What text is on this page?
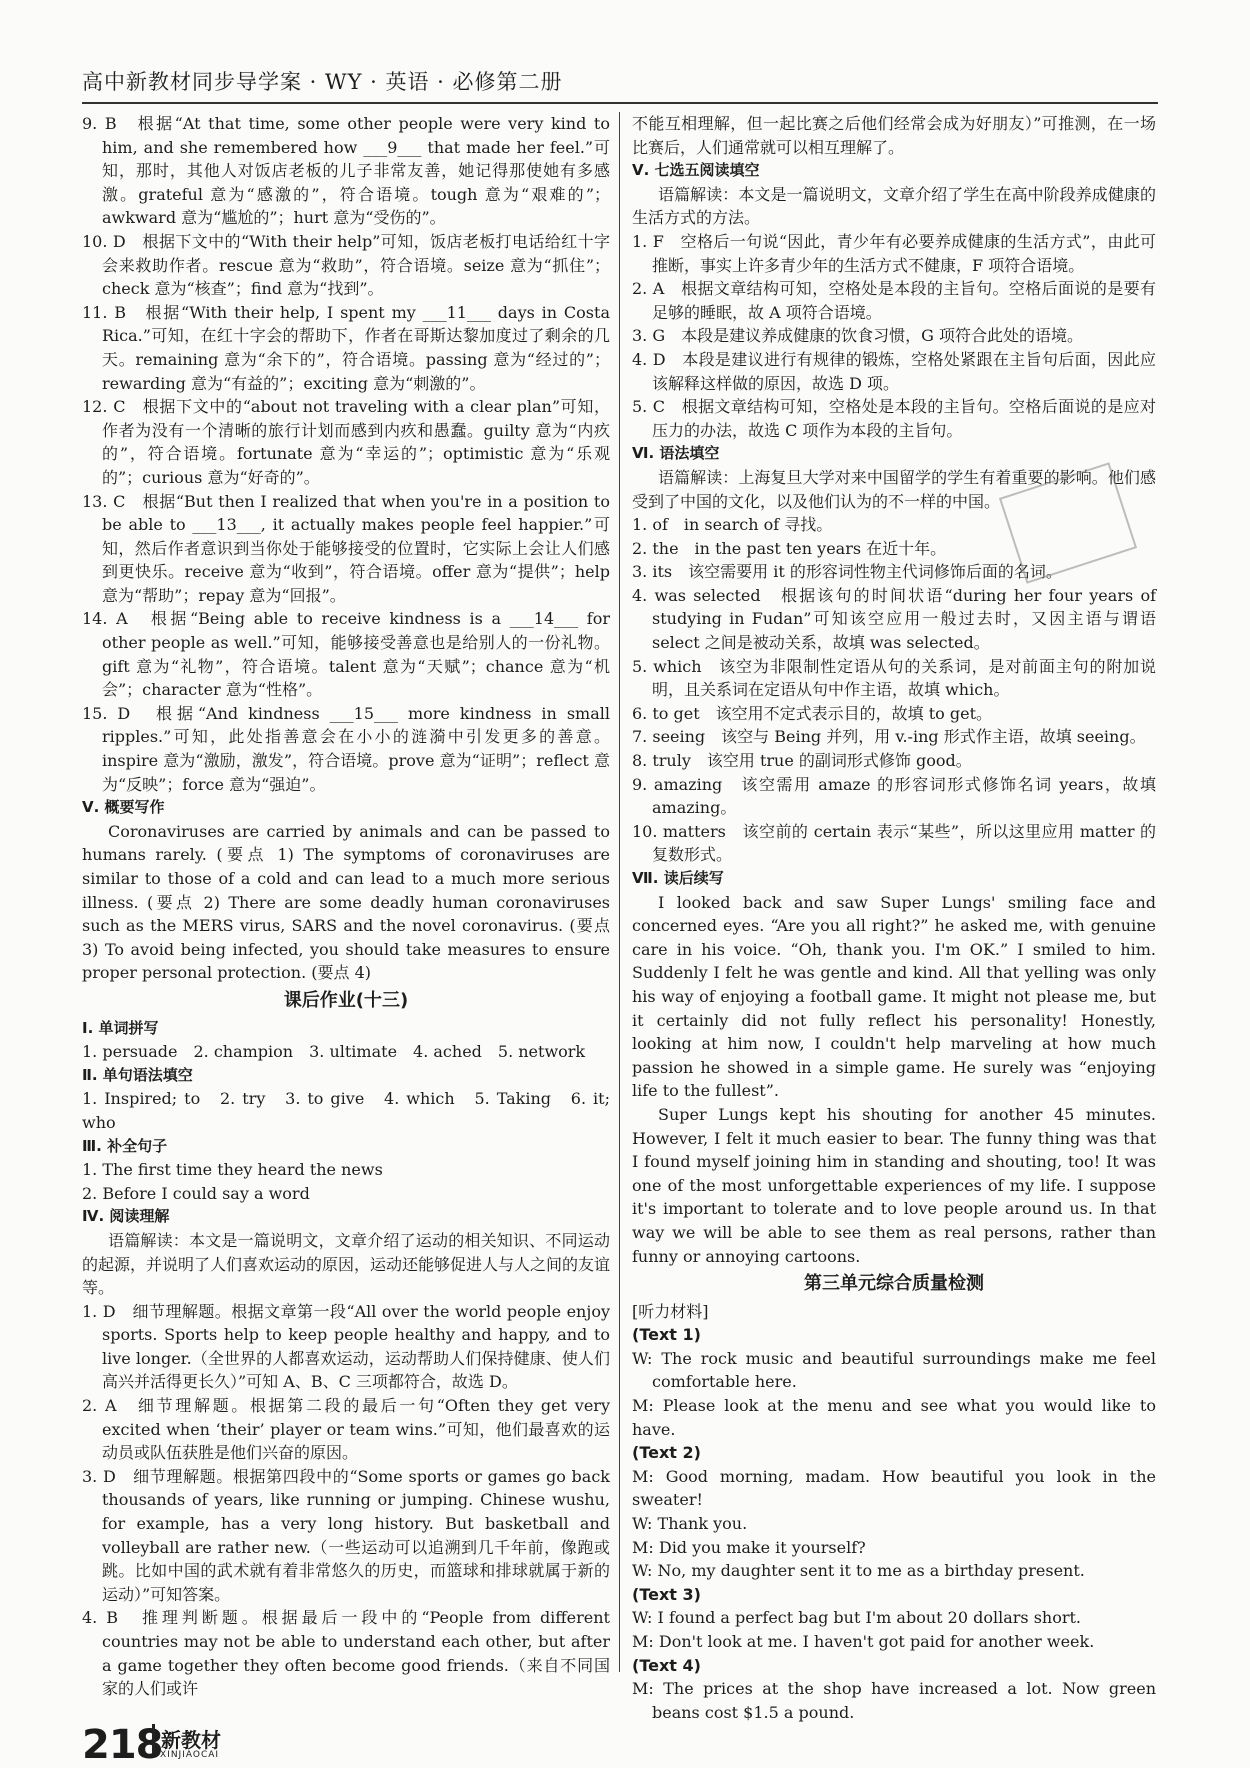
高中新教材同步导学案 · WY · 英语 · 必修第二册
9. B　根据“At that time, some other people were very kind to him, and she remembered how ___9___ that made her feel.”可知，那时，其他人对饭店老板的儿子非常友善，她记得那使她有多感激。grateful 意为“感激的”，符合语境。tough 意为“艰难的”；awkward 意为“尴尬的”；hurt 意为“受伤的”。
10. D　根据下文中的“With their help”可知，饭店老板打电话给红十字会来救助作者。rescue 意为“救助”，符合语境。seize 意为“抓住”；check 意为“核查”；find 意为“找到”。
11. B　根据“With their help, I spent my ___11___ days in Costa Rica.”可知，在红十字会的帮助下，作者在哥斯达黎加度过了剩余的几天。remaining 意为“余下的”，符合语境。passing 意为“经过的”；rewarding 意为“有益的”；exciting 意为“刺激的”。
12. C　根据下文中的“about not traveling with a clear plan”可知，作者为没有一个清晰的旅行计划而感到内疚和愚蠢。guilty 意为“内疚的”，符合语境。fortunate 意为“幸运的”；optimistic 意为“乐观的”；curious 意为“好奇的”。
13. C　根据“But then I realized that when you're in a position to be able to ___13___, it actually makes people feel happier.”可知，然后作者意识到当你处于能够接受的位置时，它实际上会让人们感到更快乐。receive 意为“收到”，符合语境。offer 意为“提供”；help 意为“帮助”；repay 意为“回报”。
14. A　根据“Being able to receive kindness is a ___14___ for other people as well.”可知，能够接受善意也是给别人的一份礼物。gift 意为“礼物”，符合语境。talent 意为“天赋”；chance 意为“机会”；character 意为“性格”。
15. D　根据“And kindness ___15___ more kindness in small ripples.”可知，此处指善意会在小小的涟漪中引发更多的善意。inspire 意为“激励，激发”，符合语境。prove 意为“证明”；reflect 意为“反映”；force 意为“强迫”。
Ⅴ. 概要写作
Coronaviruses are carried by animals and can be passed to humans rarely. (要点 1) The symptoms of coronaviruses are similar to those of a cold and can lead to a much more serious illness. (要点 2) There are some deadly human coronaviruses such as the MERS virus, SARS and the novel coronavirus. (要点 3) To avoid being infected, you should take measures to ensure proper personal protection. (要点 4)
课后作业(十三)
Ⅰ. 单词拼写
1. persuade　2. champion　3. ultimate　4. ached　5. network
Ⅱ. 单句语法填空
1. Inspired; to　2. try　3. to give　4. which　5. Taking　6. it; who
Ⅲ. 补全句子
1. The first time they heard the news
2. Before I could say a word
Ⅳ. 阅读理解
语篇解读：本文是一篇说明文，文章介绍了运动的相关知识、不同运动的起源，并说明了人们喜欢运动的原因，运动还能够促进人与人之间的友谊等。
1. D　细节理解题。根据文章第一段“All over the world people enjoy sports. Sports help to keep people healthy and happy, and to live longer.（全世界的人都喜欢运动，运动帮助人们保持健康、使人们高兴并活得更长久）”可知 A、B、C 三项都符合，故选 D。
2. A　细节理解题。根据第二段的最后一句“Often they get very excited when ‘their’ player or team wins.”可知，他们最喜欢的运动员或队伍获胜是他们兴奋的原因。
3. D　细节理解题。根据第四段中的“Some sports or games go back thousands of years, like running or jumping. Chinese wushu, for example, has a very long history. But basketball and volleyball are rather new.（一些运动可以追溯到几千年前，像跑或跳。比如中国的武术就有着非常悠久的历史，而篮球和排球就属于新的运动）”可知答案。
4. B　推理判断题。根据最后一段中的“People from different countries may not be able to understand each other, but after a game together they often become good friends.（来自不同国家的人们或许
不能互相理解，但一起比赛之后他们经常会成为好朋友）”可推测，在一场比赛后，人们通常就可以相互理解了。
Ⅴ. 七选五阅读填空
语篇解读：本文是一篇说明文，文章介绍了学生在高中阶段养成健康的生活方式的方法。
1. F　空格后一句说“因此，青少年有必要养成健康的生活方式”，由此可推断，事实上许多青少年的生活方式不健康，F 项符合语境。
2. A　根据文章结构可知，空格处是本段的主旨句。空格后面说的是要有足够的睡眠，故 A 项符合语境。
3. G　本段是建议养成健康的饮食习惯，G 项符合此处的语境。
4. D　本段是建议进行有规律的锻炼，空格处紧跟在主旨句后面，因此应该解释这样做的原因，故选 D 项。
5. C　根据文章结构可知，空格处是本段的主旨句。空格后面说的是应对压力的办法，故选 C 项作为本段的主旨句。
Ⅵ. 语法填空
语篇解读：上海复旦大学对来中国留学的学生有着重要的影响。他们感受到了中国的文化，以及他们认为的不一样的中国。
1. of　in search of 寻找。
2. the　in the past ten years 在近十年。
3. its　该空需要用 it 的形容词性物主代词修饰后面的名词。
4. was selected　根据该句的时间状语“during her four years of studying in Fudan”可知该空应用一般过去时，又因主语与谓语 select 之间是被动关系，故填 was selected。
5. which　该空为非限制性定语从句的关系词，是对前面主句的附加说明，且关系词在定语从句中作主语，故填 which。
6. to get　该空用不定式表示目的，故填 to get。
7. seeing　该空与 Being 并列，用 v.-ing 形式作主语，故填 seeing。
8. truly　该空用 true 的副词形式修饰 good。
9. amazing　该空需用 amaze 的形容词形式修饰名词 years，故填 amazing。
10. matters　该空前的 certain 表示“某些”，所以这里应用 matter 的复数形式。
Ⅶ. 读后续写
I looked back and saw Super Lungs' smiling face and concerned eyes. “Are you all right?” he asked me, with genuine care in his voice. “Oh, thank you. I'm OK.” I smiled to him. Suddenly I felt he was gentle and kind. All that yelling was only his way of enjoying a football game. It might not please me, but it certainly did not fully reflect his personality! Honestly, looking at him now, I couldn't help marveling at how much passion he showed in a simple game. He surely was “enjoying life to the fullest”.
Super Lungs kept his shouting for another 45 minutes. However, I felt it much easier to bear. The funny thing was that I found myself joining him in standing and shouting, too! It was one of the most unforgettable experiences of my life. I suppose it's important to tolerate and to love people around us. In that way we will be able to see them as real persons, rather than funny or annoying cartoons.
第三单元综合质量检测
[听力材料]
(Text 1)
W: The rock music and beautiful surroundings make me feel comfortable here.
M: Please look at the menu and see what you would like to have.
(Text 2)
M: Good morning, madam. How beautiful you look in the sweater!
W: Thank you.
M: Did you make it yourself?
W: No, my daughter sent it to me as a birthday present.
(Text 3)
W: I found a perfect bag but I'm about 20 dollars short.
M: Don't look at me. I haven't got paid for another week.
(Text 4)
M: The prices at the shop have increased a lot. Now green beans cost $1.5 a pound.
218
新教材
XINJIAOCAI
